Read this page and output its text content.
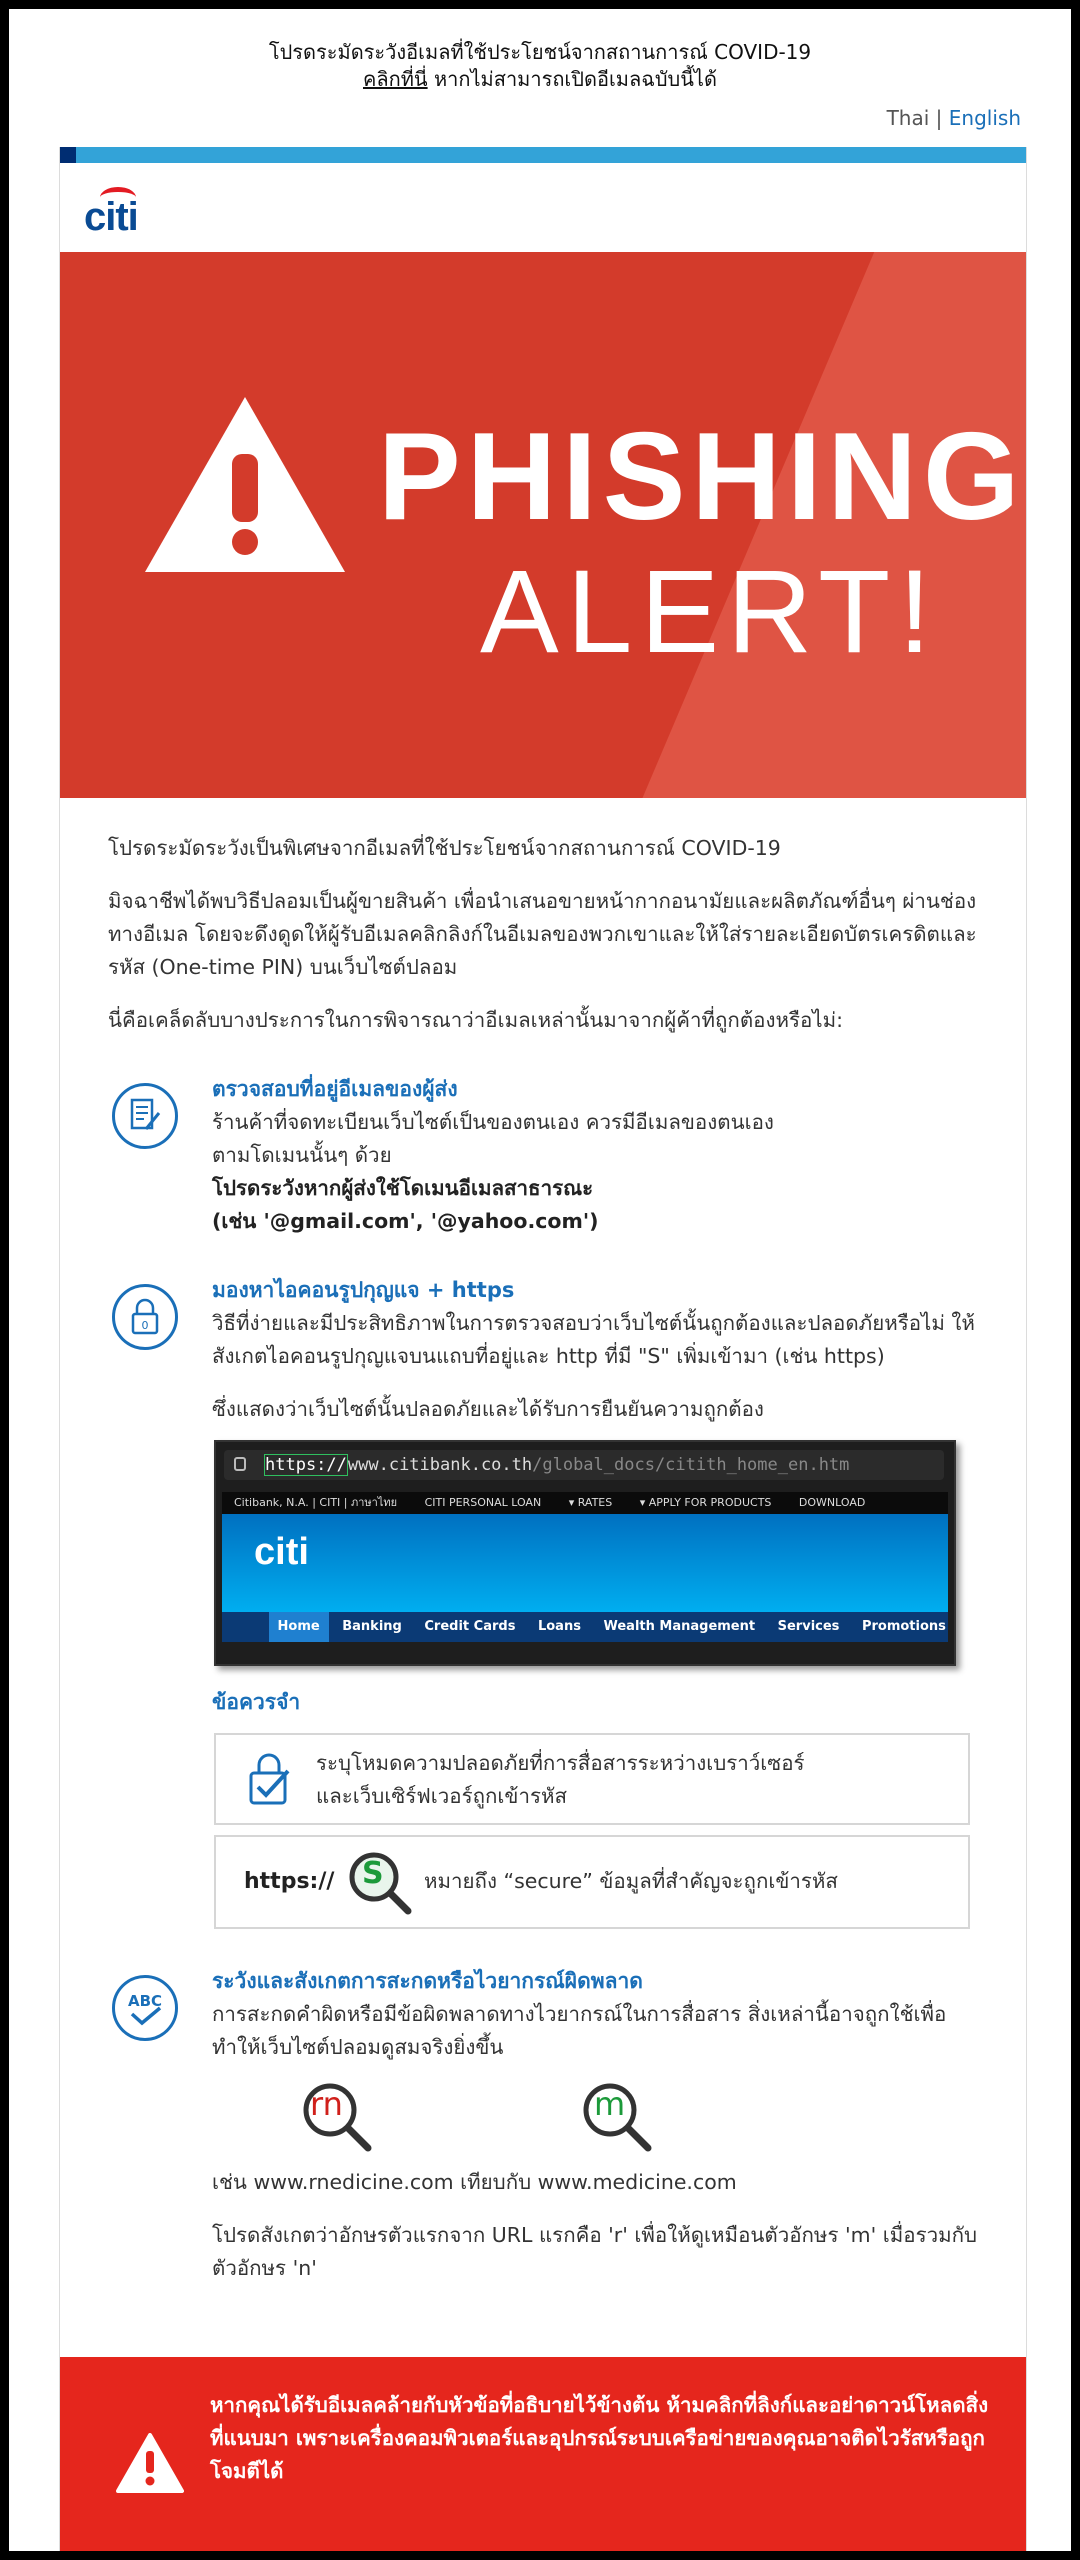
โปรดระมัดระวังอีเมลที่ใช้ประโยชน์จากสถานการณ์ COVID-19
คลิกที่นี่ หากไม่สามารถเปิดอีเมลฉบับนี้ได้
Thai | English
citi
PHISHING
ALERT!

โปรดระมัดระวังเป็นพิเศษจากอีเมลที่ใช้ประโยชน์จากสถานการณ์ COVID-19

มิจฉาชีพได้พบวิธีปลอมเป็นผู้ขายสินค้า เพื่อนำเสนอขายหน้ากากอนามัยและผลิตภัณฑ์อื่นๆ ผ่านช่องทางอีเมล โดยจะดึงดูดให้ผู้รับอีเมลคลิกลิงก์ในอีเมลของพวกเขาและให้ใส่รายละเอียดบัตรเครดิตและรหัส (One-time PIN) บนเว็บไซต์ปลอม

นี่คือเคล็ดลับบางประการในการพิจารณาว่าอีเมลเหล่านั้นมาจากผู้ค้าที่ถูกต้องหรือไม่:

ตรวจสอบที่อยู่อีเมลของผู้ส่ง
ร้านค้าที่จดทะเบียนเว็บไซต์เป็นของตนเอง ควรมีอีเมลของตนเองตามโดเมนนั้นๆ ด้วย
โปรดระวังหากผู้ส่งใช้โดเมนอีเมลสาธารณะ
(เช่น '@gmail.com', '@yahoo.com')
0
มองหาไอคอนรูปกุญแจ + https
วิธีที่ง่ายและมีประสิทธิภาพในการตรวจสอบว่าเว็บไซต์นั้นถูกต้องและปลอดภัยหรือไม่ ให้สังเกตไอคอนรูปกุญแจบนแถบที่อยู่และ http ที่มี "S" เพิ่มเข้ามา (เช่น https)
ซึ่งแสดงว่าเว็บไซต์นั้นปลอดภัยและได้รับการยืนยันความถูกต้อง
https://www.citibank.co.th/global_docs/citith_home_en.htm
Citibank, N.A. | CITI | ภาษาไทย	CITI PERSONAL LOAN	▾ RATES	▾ APPLY FOR PRODUCTS	DOWNLOAD
citi
Home Banking Credit Cards Loans Wealth Management Services Promotions
ข้อควรจำ
ระบุโหมดความปลอดภัยที่การสื่อสารระหว่างเบราว์เซอร์
และเว็บเซิร์ฟเวอร์ถูกเข้ารหัส
https:// S หมายถึง “secure” ข้อมูลที่สำคัญจะถูกเข้ารหัส
ABC
ระวังและสังเกตการสะกดหรือไวยากรณ์ผิดพลาด
การสะกดคำผิดหรือมีข้อผิดพลาดทางไวยากรณ์ในการสื่อสาร สิ่งเหล่านี้อาจถูกใช้เพื่อทำให้เว็บไซต์ปลอมดูสมจริงยิ่งขึ้น
rn	m
เช่น www.rnedicine.com เทียบกับ www.medicine.com
โปรดสังเกตว่าอักษรตัวแรกจาก URL แรกคือ 'r' เพื่อให้ดูเหมือนตัวอักษร 'm' เมื่อรวมกับตัวอักษร 'n'
หากคุณได้รับอีเมลคล้ายกับหัวข้อที่อธิบายไว้ข้างต้น ห้ามคลิกที่ลิงก์และอย่าดาวน์โหลดสิ่งที่แนบมา เพราะเครื่องคอมพิวเตอร์และอุปกรณ์ระบบเครือข่ายของคุณอาจติดไวรัสหรือถูกโจมตีได้
